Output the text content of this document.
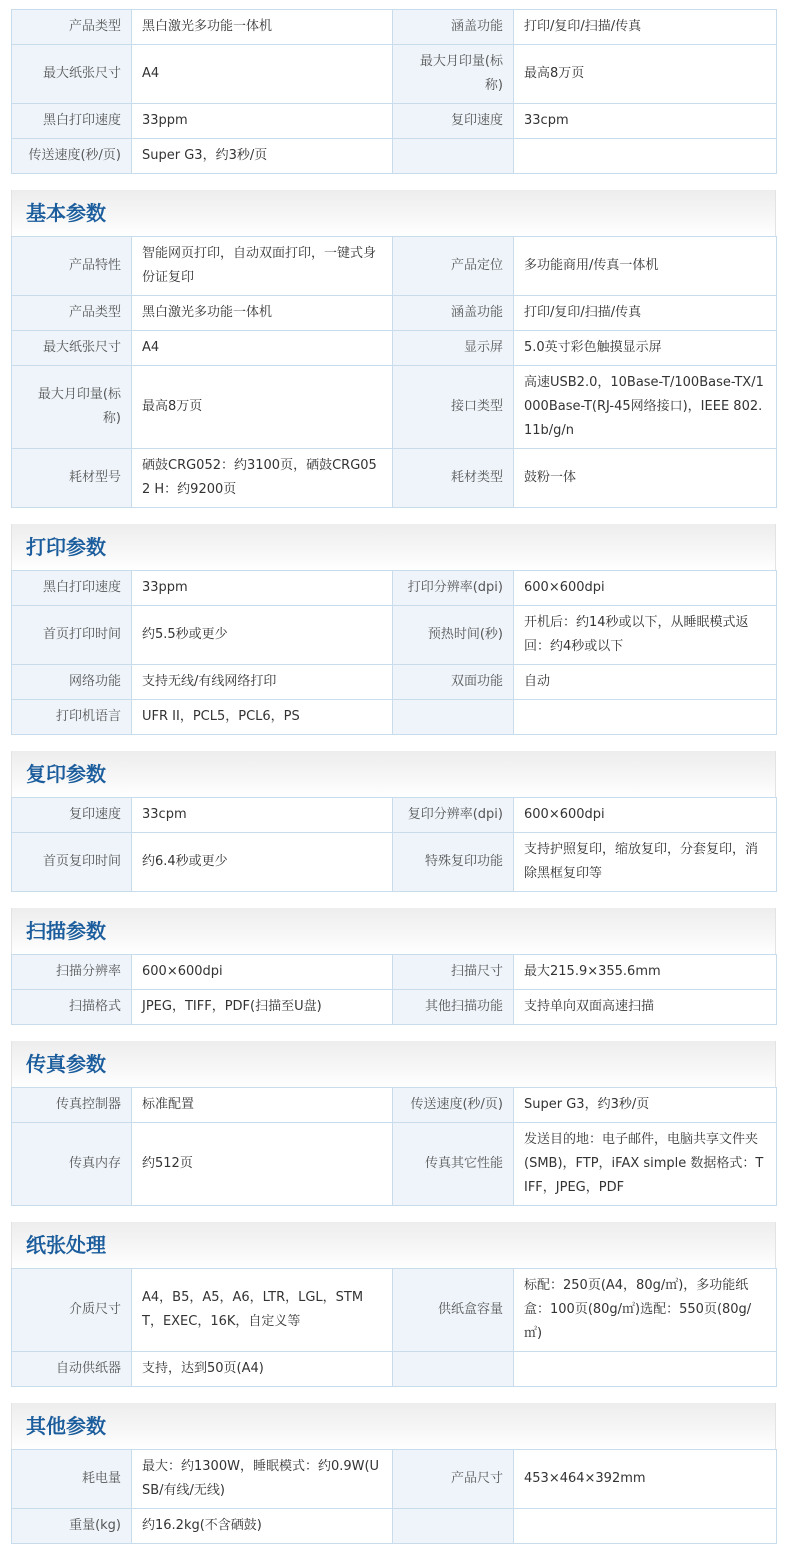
产品类型	黑白激光多功能一体机	涵盖功能	打印/复印/扫描/传真
最大纸张尺寸	A4	最大月印量(标称)	最高8万页
黑白打印速度	33ppm	复印速度	33cpm
传送速度(秒/页)	Super G3，约3秒/页		
基本参数
产品特性	智能网页打印，自动双面打印，一键式身份证复印	产品定位	多功能商用/传真一体机
产品类型	黑白激光多功能一体机	涵盖功能	打印/复印/扫描/传真
最大纸张尺寸	A4	显示屏	5.0英寸彩色触摸显示屏
最大月印量(标称)	最高8万页	接口类型	高速USB2.0，10Base-T/100Base-TX/1000Base-T(RJ-45网络接口)，IEEE 802.11b/g/n
耗材型号	硒鼓CRG052：约3100页，硒鼓CRG052 H：约9200页	耗材类型	鼓粉一体
打印参数
黑白打印速度	33ppm	打印分辨率(dpi)	600×600dpi
首页打印时间	约5.5秒或更少	预热时间(秒)	开机后：约14秒或以下，从睡眠模式返回：约4秒或以下
网络功能	支持无线/有线网络打印	双面功能	自动
打印机语言	UFR II，PCL5，PCL6，PS		
复印参数
复印速度	33cpm	复印分辨率(dpi)	600×600dpi
首页复印时间	约6.4秒或更少	特殊复印功能	支持护照复印，缩放复印，分套复印，消除黑框复印等
扫描参数
扫描分辨率	600×600dpi	扫描尺寸	最大215.9×355.6mm
扫描格式	JPEG，TIFF，PDF(扫描至U盘)	其他扫描功能	支持单向双面高速扫描
传真参数
传真控制器	标准配置	传送速度(秒/页)	Super G3，约3秒/页
传真内存	约512页	传真其它性能	发送目的地：电子邮件，电脑共享文件夹(SMB)，FTP，iFAX simple 数据格式：TIFF，JPEG，PDF
纸张处理
介质尺寸	A4，B5，A5，A6，LTR，LGL，STMT，EXEC，16K，自定义等	供纸盒容量	标配：250页(A4，80g/㎡)，多功能纸盒：100页(80g/㎡)选配：550页(80g/㎡)
自动供纸器	支持，达到50页(A4)		
其他参数
耗电量	最大：约1300W，睡眠模式：约0.9W(USB/有线/无线)	产品尺寸	453×464×392mm
重量(kg)	约16.2kg(不含硒鼓)		
